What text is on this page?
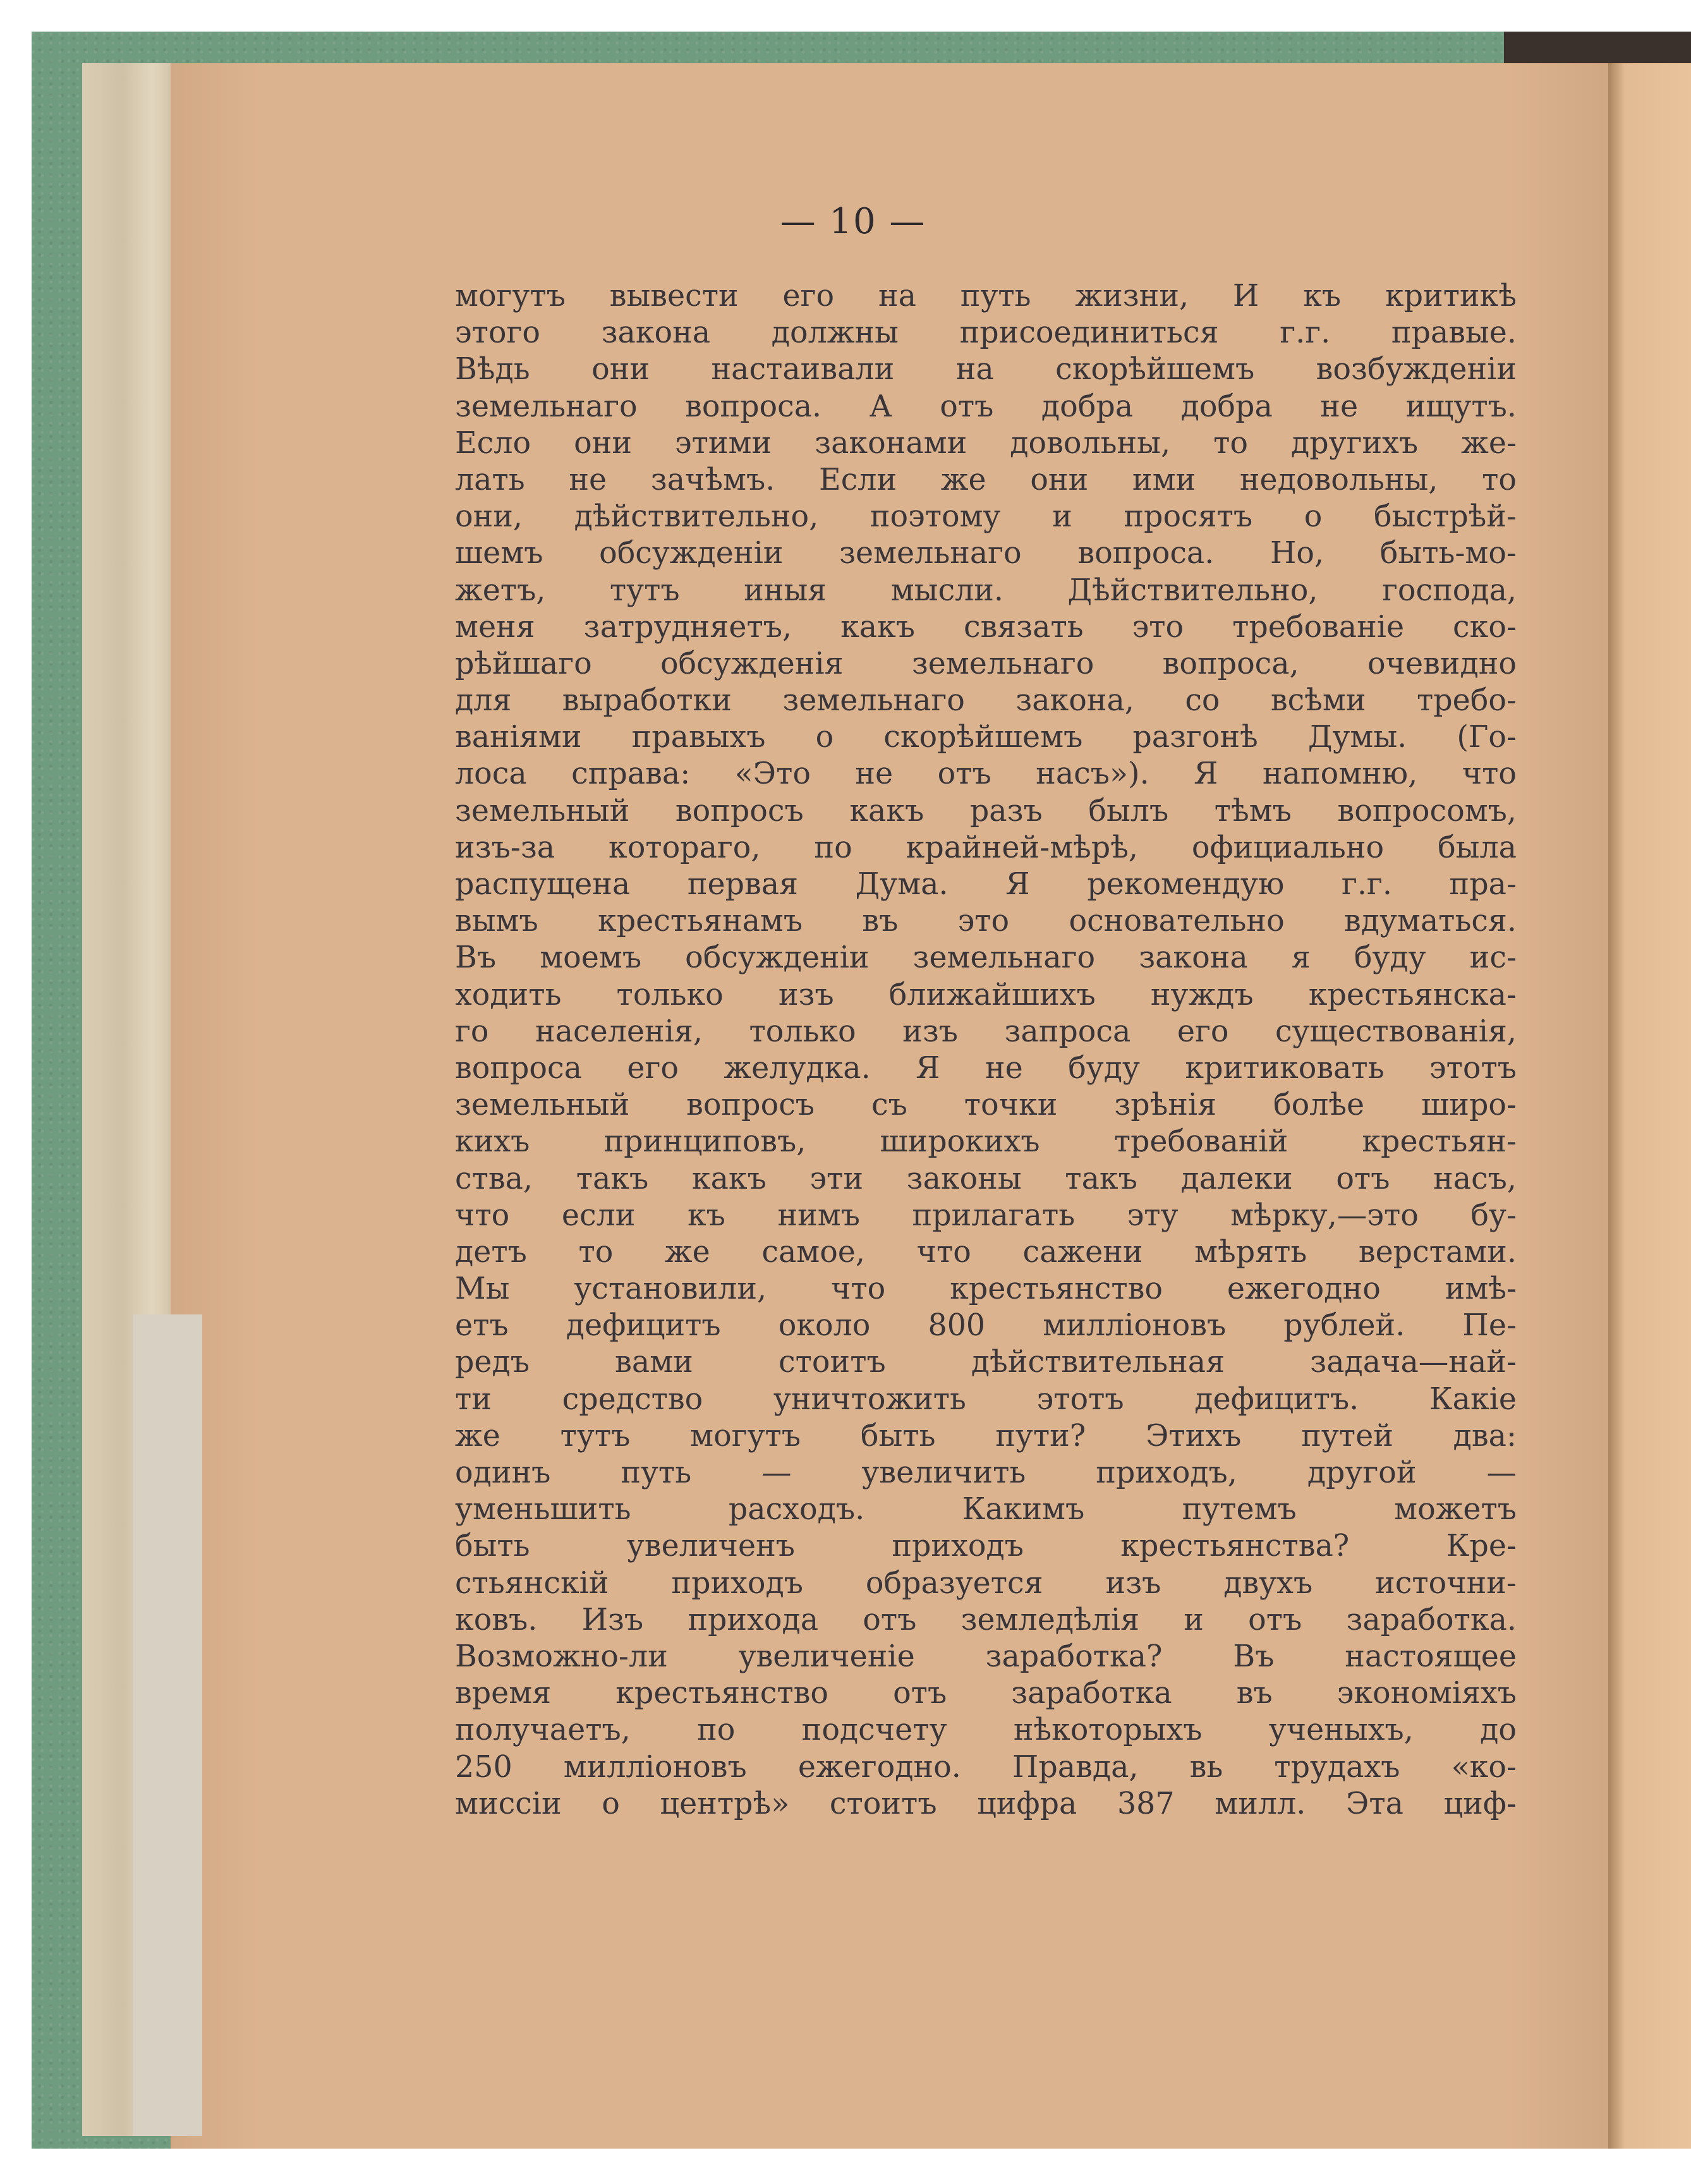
— 10 —
могутъ вывести его на путь жизни, И къ критикѣ
этого закона должны присоединиться г.г. правые.
Вѣдь они настаивали на скорѣйшемъ возбужденіи
земельнаго вопроса. А отъ добра добра не ищутъ.
Есло они этими законами довольны, то другихъ же-
лать не зачѣмъ. Если же они ими недовольны, то
они, дѣйствительно, поэтому и просятъ о быстрѣй-
шемъ обсужденіи земельнаго вопроса. Но, быть-мо-
жетъ, тутъ иныя мысли. Дѣйствительно, господа,
меня затрудняетъ, какъ связать это требованіе ско-
рѣйшаго обсужденія земельнаго вопроса, очевидно
для выработки земельнаго закона, со всѣми требо-
ваніями правыхъ о скорѣйшемъ разгонѣ Думы. (Го-
лоса справа: «Это не отъ насъ»). Я напомню, что
земельный вопросъ какъ разъ былъ тѣмъ вопросомъ,
изъ-за котораго, по крайней-мѣрѣ, официально была
распущена первая Дума. Я рекомендую г.г. пра-
вымъ крестьянамъ въ это основательно вдуматься.
Въ моемъ обсужденіи земельнаго закона я буду ис-
ходить только изъ ближайшихъ нуждъ крестьянска-
го населенія, только изъ запроса его существованія,
вопроса его желудка. Я не буду критиковать этотъ
земельный вопросъ съ точки зрѣнія болѣе широ-
кихъ принциповъ, широкихъ требованій крестьян-
ства, такъ какъ эти законы такъ далеки отъ насъ,
что если къ нимъ прилагать эту мѣрку,—это бу-
детъ то же самое, что сажени мѣрять верстами.
Мы установили, что крестьянство ежегодно имѣ-
етъ дефицитъ около 800 милліоновъ рублей. Пе-
редъ вами стоитъ дѣйствительная задача—най-
ти средство уничтожить этотъ дефицитъ. Какіе
же тутъ могутъ быть пути? Этихъ путей два:
одинъ путь — увеличить приходъ, другой —
уменьшить расходъ. Какимъ путемъ можетъ
быть увеличенъ приходъ крестьянства? Кре-
стьянскій приходъ образуется изъ двухъ источни-
ковъ. Изъ прихода отъ земледѣлія и отъ заработка.
Возможно-ли увеличеніе заработка? Въ настоящее
время крестьянство отъ заработка въ экономіяхъ
получаетъ, по подсчету нѣкоторыхъ ученыхъ, до
250 милліоновъ ежегодно. Правда, вь трудахъ «ко-
миссіи о центрѣ» стоитъ цифра 387 милл. Эта циф-
